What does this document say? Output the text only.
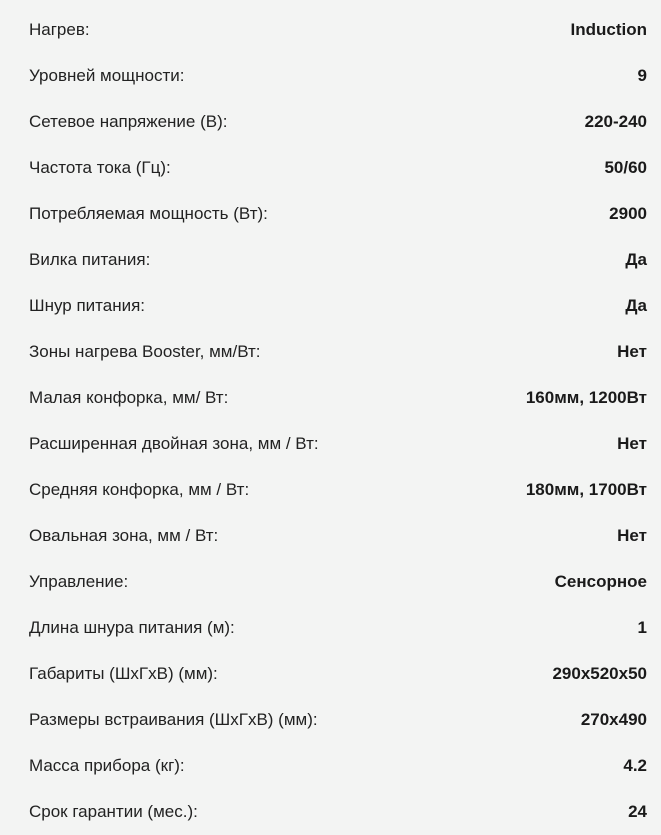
Нагрев:	Induction
Уровней мощности:	9
Сетевое напряжение (В):	220-240
Частота тока (Гц):	50/60
Потребляемая мощность (Вт):	2900
Вилка питания:	Да
Шнур питания:	Да
Зоны нагрева Booster, мм/Вт:	Нет
Малая конфорка, мм/ Вт:	160мм, 1200Вт
Расширенная двойная зона, мм / Вт:	Нет
Средняя конфорка, мм / Вт:	180мм, 1700Вт
Овальная зона, мм / Вт:	Нет
Управление:	Сенсорное
Длина шнура питания (м):	1
Габариты (ШхГхВ) (мм):	290x520x50
Размеры встраивания (ШхГхВ) (мм):	270x490
Масса прибора (кг):	4.2
Срок гарантии (мес.):	24
